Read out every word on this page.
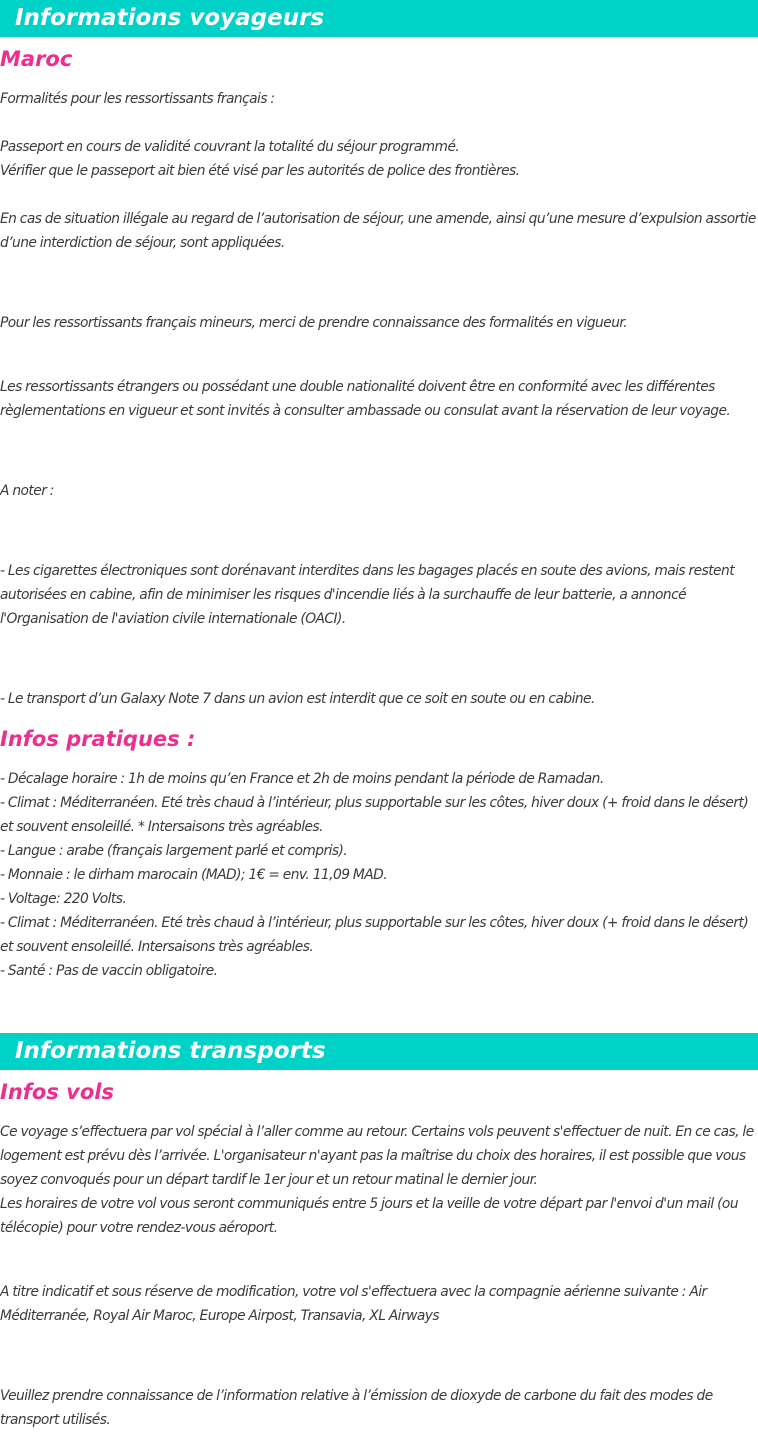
Informations voyageurs
Maroc
Formalités pour les ressortissants français :

Passeport en cours de validité couvrant la totalité du séjour programmé.

Vérifier que le passeport ait bien été visé par les autorités de police des frontières.

En cas de situation illégale au regard de l’autorisation de séjour, une amende, ainsi qu’une mesure d’expulsion assortie d’une interdiction de séjour, sont appliquées.
Pour les ressortissants français mineurs, merci de prendre connaissance des formalités en vigueur.
Les ressortissants étrangers ou possédant une double nationalité doivent être en conformité avec les différentes règlementations en vigueur et sont invités à consulter ambassade ou consulat avant la réservation de leur voyage.
A noter :
- Les cigarettes électroniques sont dorénavant interdites dans les bagages placés en soute des avions, mais restent autorisées en cabine, afin de minimiser les risques d'incendie liés à la surchauffe de leur batterie, a annoncé l'Organisation de l'aviation civile internationale (OACI).
- Le transport d’un Galaxy Note 7 dans un avion est interdit que ce soit en soute ou en cabine.
Infos pratiques :

- Décalage horaire : 1h de moins qu’en France et 2h de moins pendant la période de Ramadan.

- Climat : Méditerranéen. Eté très chaud à l’intérieur, plus supportable sur les côtes, hiver doux (+ froid dans le désert) et souvent ensoleillé. * Intersaisons très agréables.

- Langue : arabe (français largement parlé et compris).

- Monnaie : le dirham marocain (MAD); 1€ = env. 11,09 MAD.

- Voltage: 220 Volts.

- Climat : Méditerranéen. Eté très chaud à l’intérieur, plus supportable sur les côtes, hiver doux (+ froid dans le désert) et souvent ensoleillé. Intersaisons très agréables.

- Santé : Pas de vaccin obligatoire.

Informations transports
Infos vols

Ce voyage s’effectuera par vol spécial à l’aller comme au retour. Certains vols peuvent s'effectuer de nuit. En ce cas, le logement est prévu dès l’arrivée. L'organisateur n'ayant pas la maîtrise du choix des horaires, il est possible que vous soyez convoqués pour un départ tardif le 1er jour et un retour matinal le dernier jour.

Les horaires de votre vol vous seront communiqués entre 5 jours et la veille de votre départ par l'envoi d'un mail (ou télécopie) pour votre rendez-vous aéroport.

A titre indicatif et sous réserve de modification, votre vol s'effectuera avec la compagnie aérienne suivante : Air Méditerranée, Royal Air Maroc, Europe Airpost, Transavia, XL Airways
Veuillez prendre connaissance de l’information relative à l’émission de dioxyde de carbone du fait des modes de transport utilisés.
